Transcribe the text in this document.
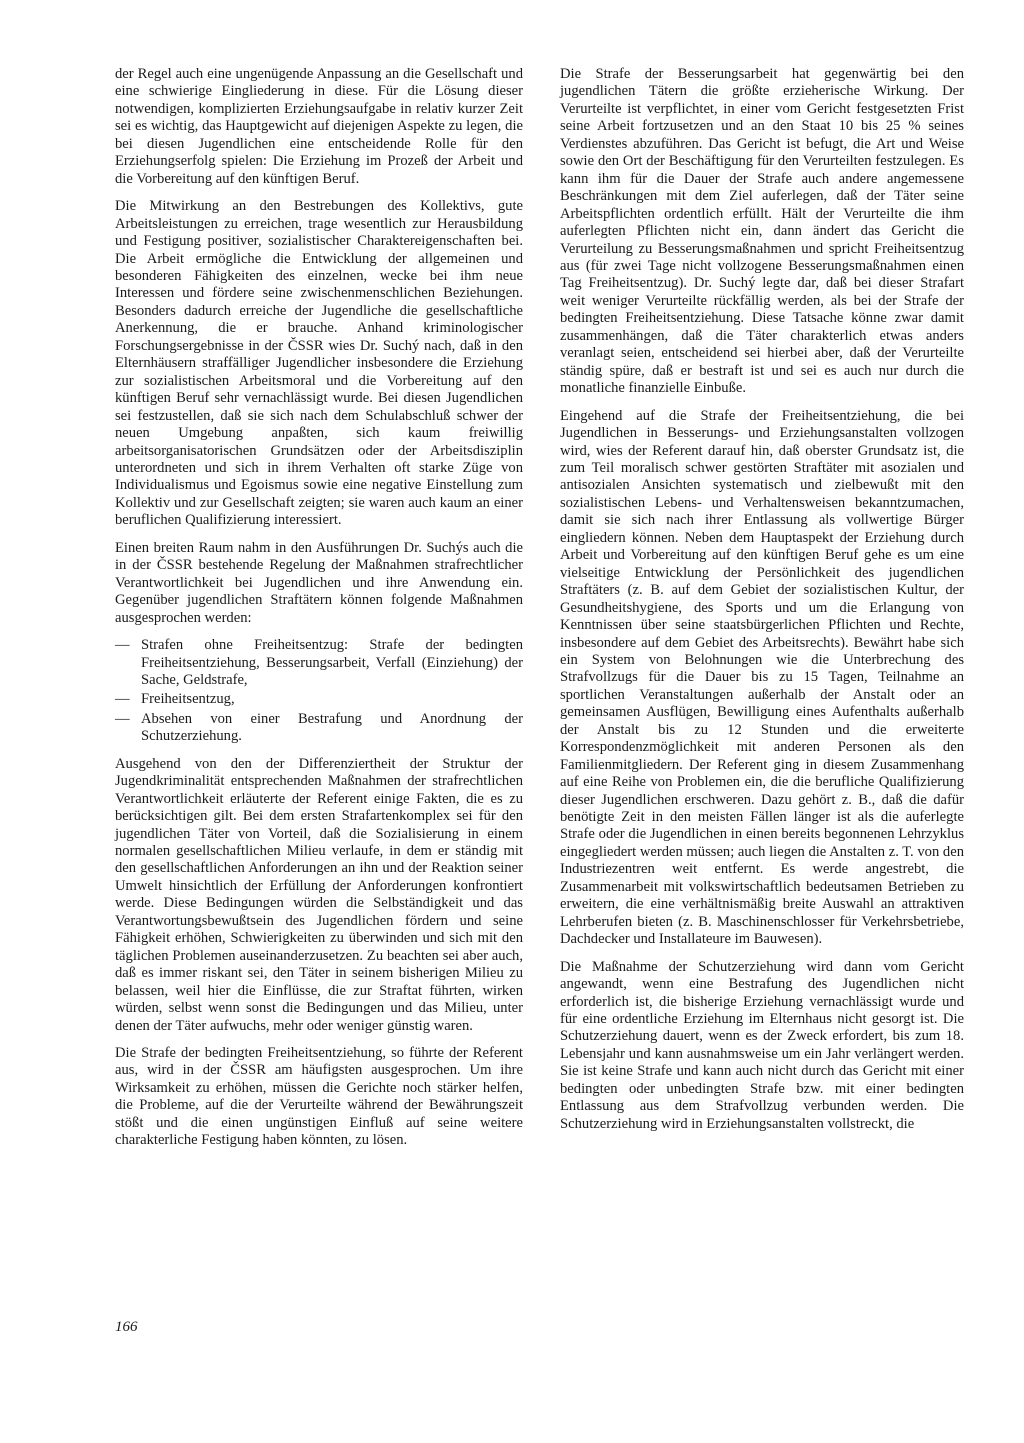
der Regel auch eine ungenügende Anpassung an die Gesellschaft und eine schwierige Eingliederung in diese. Für die Lösung dieser notwendigen, komplizierten Erziehungsaufgabe in relativ kurzer Zeit sei es wichtig, das Hauptgewicht auf diejenigen Aspekte zu legen, die bei diesen Jugendlichen eine entscheidende Rolle für den Erziehungserfolg spielen: Die Erziehung im Prozeß der Arbeit und die Vorbereitung auf den künftigen Beruf.

Die Mitwirkung an den Bestrebungen des Kollektivs, gute Arbeitsleistungen zu erreichen, trage wesentlich zur Herausbildung und Festigung positiver, sozialistischer Charaktereigenschaften bei. Die Arbeit ermögliche die Entwicklung der allgemeinen und besonderen Fähigkeiten des einzelnen, wecke bei ihm neue Interessen und fördere seine zwischenmenschlichen Beziehungen. Besonders dadurch erreiche der Jugendliche die gesellschaftliche Anerkennung, die er brauche. Anhand kriminologischer Forschungsergebnisse in der ČSSR wies Dr. Suchý nach, daß in den Elternhäusern straffälliger Jugendlicher insbesondere die Erziehung zur sozialistischen Arbeitsmoral und die Vorbereitung auf den künftigen Beruf sehr vernachlässigt wurde. Bei diesen Jugendlichen sei festzustellen, daß sie sich nach dem Schulabschluß schwer der neuen Umgebung anpaßten, sich kaum freiwillig arbeitsorganisatorischen Grundsätzen oder der Arbeitsdisziplin unterordneten und sich in ihrem Verhalten oft starke Züge von Individualismus und Egoismus sowie eine negative Einstellung zum Kollektiv und zur Gesellschaft zeigten; sie waren auch kaum an einer beruflichen Qualifizierung interessiert.

Einen breiten Raum nahm in den Ausführungen Dr. Suchýs auch die in der ČSSR bestehende Regelung der Maßnahmen strafrechtlicher Verantwortlichkeit bei Jugendlichen und ihre Anwendung ein. Gegenüber jugendlichen Straftätern können folgende Maßnahmen ausgesprochen werden:

— Strafen ohne Freiheitsentzug: Strafe der bedingten Freiheitsentziehung, Besserungsarbeit, Verfall (Einziehung) der Sache, Geldstrafe,
— Freiheitsentzug,
— Absehen von einer Bestrafung und Anordnung der Schutzerziehung.

Ausgehend von den der Differenziertheit der Struktur der Jugendkriminalität entsprechenden Maßnahmen der strafrechtlichen Verantwortlichkeit erläuterte der Referent einige Fakten, die es zu berücksichtigen gilt. Bei dem ersten Strafartenkomplex sei für den jugendlichen Täter von Vorteil, daß die Sozialisierung in einem normalen gesellschaftlichen Milieu verlaufe, in dem er ständig mit den gesellschaftlichen Anforderungen an ihn und der Reaktion seiner Umwelt hinsichtlich der Erfüllung der Anforderungen konfrontiert werde. Diese Bedingungen würden die Selbständigkeit und das Verantwortungsbewußtsein des Jugendlichen fördern und seine Fähigkeit erhöhen, Schwierigkeiten zu überwinden und sich mit den täglichen Problemen auseinanderzusetzen. Zu beachten sei aber auch, daß es immer riskant sei, den Täter in seinem bisherigen Milieu zu belassen, weil hier die Einflüsse, die zur Straftat führten, wirken würden, selbst wenn sonst die Bedingungen und das Milieu, unter denen der Täter aufwuchs, mehr oder weniger günstig waren.

Die Strafe der bedingten Freiheitsentziehung, so führte der Referent aus, wird in der ČSSR am häufigsten ausgesprochen. Um ihre Wirksamkeit zu erhöhen, müssen die Gerichte noch stärker helfen, die Probleme, auf die der Verurteilte während der Bewährungszeit stößt und die einen ungünstigen Einfluß auf seine weitere charakterliche Festigung haben könnten, zu lösen.

Die Strafe der Besserungsarbeit hat gegenwärtig bei den jugendlichen Tätern die größte erzieherische Wirkung. Der Verurteilte ist verpflichtet, in einer vom Gericht festgesetzten Frist seine Arbeit fortzusetzen und an den Staat 10 bis 25 % seines Verdienstes abzuführen. Das Gericht ist befugt, die Art und Weise sowie den Ort der Beschäftigung für den Verurteilten festzulegen. Es kann ihm für die Dauer der Strafe auch andere angemessene Beschränkungen mit dem Ziel auferlegen, daß der Täter seine Arbeitspflichten ordentlich erfüllt. Hält der Verurteilte die ihm auferlegten Pflichten nicht ein, dann ändert das Gericht die Verurteilung zu Besserungsmaßnahmen und spricht Freiheitsentzug aus (für zwei Tage nicht vollzogene Besserungsmaßnahmen einen Tag Freiheitsentzug). Dr. Suchý legte dar, daß bei dieser Strafart weit weniger Verurteilte rückfällig werden, als bei der Strafe der bedingten Freiheitsentziehung. Diese Tatsache könne zwar damit zusammenhängen, daß die Täter charakterlich etwas anders veranlagt seien, entscheidend sei hierbei aber, daß der Verurteilte ständig spüre, daß er bestraft ist und sei es auch nur durch die monatliche finanzielle Einbuße.

Eingehend auf die Strafe der Freiheitsentziehung, die bei Jugendlichen in Besserungs- und Erziehungsanstalten vollzogen wird, wies der Referent darauf hin, daß oberster Grundsatz ist, die zum Teil moralisch schwer gestörten Straftäter mit asozialen und antisozialen Ansichten systematisch und zielbewußt mit den sozialistischen Lebens- und Verhaltensweisen bekanntzumachen, damit sie sich nach ihrer Entlassung als vollwertige Bürger eingliedern können. Neben dem Hauptaspekt der Erziehung durch Arbeit und Vorbereitung auf den künftigen Beruf gehe es um eine vielseitige Entwicklung der Persönlichkeit des jugendlichen Straftäters (z. B. auf dem Gebiet der sozialistischen Kultur, der Gesundheitshygiene, des Sports und um die Erlangung von Kenntnissen über seine staatsbürgerlichen Pflichten und Rechte, insbesondere auf dem Gebiet des Arbeitsrechts). Bewährt habe sich ein System von Belohnungen wie die Unterbrechung des Strafvollzugs für die Dauer bis zu 15 Tagen, Teilnahme an sportlichen Veranstaltungen außerhalb der Anstalt oder an gemeinsamen Ausflügen, Bewilligung eines Aufenthalts außerhalb der Anstalt bis zu 12 Stunden und die erweiterte Korrespondenzmöglichkeit mit anderen Personen als den Familienmitgliedern. Der Referent ging in diesem Zusammenhang auf eine Reihe von Problemen ein, die die berufliche Qualifizierung dieser Jugendlichen erschweren. Dazu gehört z. B., daß die dafür benötigte Zeit in den meisten Fällen länger ist als die auferlegte Strafe oder die Jugendlichen in einen bereits begonnenen Lehrzyklus eingegliedert werden müssen; auch liegen die Anstalten z. T. von den Industriezentren weit entfernt. Es werde angestrebt, die Zusammenarbeit mit volkswirtschaftlich bedeutsamen Betrieben zu erweitern, die eine verhältnismäßig breite Auswahl an attraktiven Lehrberufen bieten (z. B. Maschinenschlosser für Verkehrsbetriebe, Dachdecker und Installateure im Bauwesen).

Die Maßnahme der Schutzerziehung wird dann vom Gericht angewandt, wenn eine Bestrafung des Jugendlichen nicht erforderlich ist, die bisherige Erziehung vernachlässigt wurde und für eine ordentliche Erziehung im Elternhaus nicht gesorgt ist. Die Schutzerziehung dauert, wenn es der Zweck erfordert, bis zum 18. Lebensjahr und kann ausnahmsweise um ein Jahr verlängert werden. Sie ist keine Strafe und kann auch nicht durch das Gericht mit einer bedingten oder unbedingten Strafe bzw. mit einer bedingten Entlassung aus dem Strafvollzug verbunden werden. Die Schutzerziehung wird in Erziehungsanstalten vollstreckt, die

166
